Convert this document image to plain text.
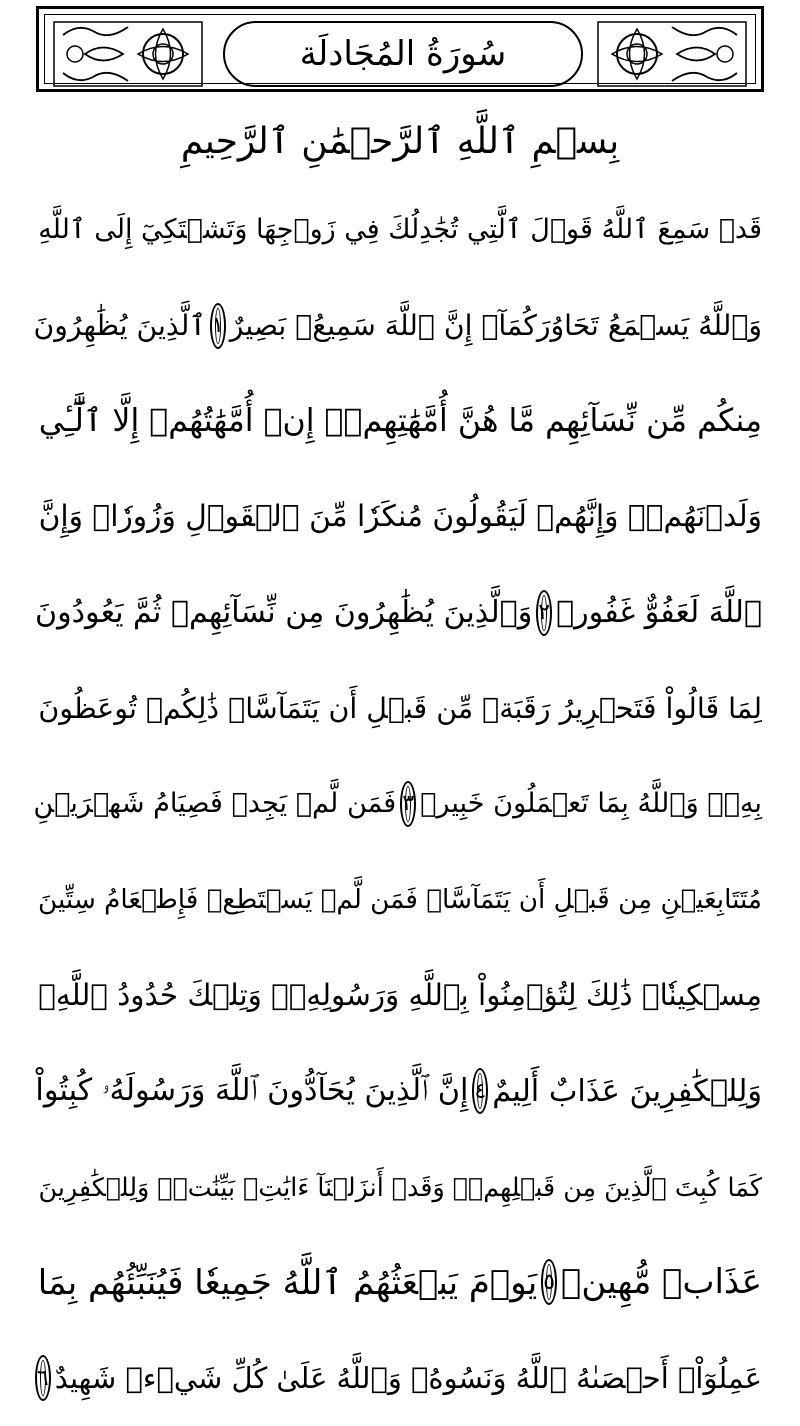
سُورَةُ المُجَادلَة
بِسۡمِ ٱللَّهِ ٱلرَّحۡمَٰنِ ٱلرَّحِيمِ
قَدۡ سَمِعَ ٱللَّهُ قَوۡلَ ٱلَّتِي تُجَٰدِلُكَ فِي زَوۡجِهَا وَتَشۡتَكِيٓ إِلَى ٱللَّهِ
وَٱللَّهُ يَسۡمَعُ تَحَاوُرَكُمَآۚ إِنَّ ٱللَّهَ سَمِيعُۢ بَصِيرٌ
١
ٱلَّذِينَ يُظَٰهِرُونَ
مِنكُم مِّن نِّسَآئِهِم مَّا هُنَّ أُمَّهَٰتِهِمۡۖ إِنۡ أُمَّهَٰتُهُمۡ إِلَّا ٱلَّٰٓـِٔي
وَلَدۡنَهُمۡۚ وَإِنَّهُمۡ لَيَقُولُونَ مُنكَرٗا مِّنَ ٱلۡقَوۡلِ وَزُورٗاۚ وَإِنَّ
ٱللَّهَ لَعَفُوٌّ غَفُورٞ
٢
وَٱلَّذِينَ يُظَٰهِرُونَ مِن نِّسَآئِهِمۡ ثُمَّ يَعُودُونَ
لِمَا قَالُواْ فَتَحۡرِيرُ رَقَبَةٖ مِّن قَبۡلِ أَن يَتَمَآسَّاۚ ذَٰلِكُمۡ تُوعَظُونَ
بِهِۦۚ وَٱللَّهُ بِمَا تَعۡمَلُونَ خَبِيرٞ
٣
فَمَن لَّمۡ يَجِدۡ فَصِيَامُ شَهۡرَيۡنِ
مُتَتَابِعَيۡنِ مِن قَبۡلِ أَن يَتَمَآسَّاۖ فَمَن لَّمۡ يَسۡتَطِعۡ فَإِطۡعَامُ سِتِّينَ
مِسۡكِينٗاۚ ذَٰلِكَ لِتُؤۡمِنُواْ بِٱللَّهِ وَرَسُولِهِۦۚ وَتِلۡكَ حُدُودُ ٱللَّهِۗ
وَلِلۡكَٰفِرِينَ عَذَابٌ أَلِيمٌ
٤
إِنَّ ٱلَّذِينَ يُحَآدُّونَ ٱللَّهَ وَرَسُولَهُۥ كُبِتُواْ
كَمَا كُبِتَ ٱلَّذِينَ مِن قَبۡلِهِمۡۚ وَقَدۡ أَنزَلۡنَآ ءَايَٰتِۭ بَيِّنَٰتٖۚ وَلِلۡكَٰفِرِينَ
عَذَابٞ مُّهِينٞ
٥
يَوۡمَ يَبۡعَثُهُمُ ٱللَّهُ جَمِيعٗا فَيُنَبِّئُهُم بِمَا
عَمِلُوٓاْۚ أَحۡصَىٰهُ ٱللَّهُ وَنَسُوهُۚ وَٱللَّهُ عَلَىٰ كُلِّ شَيۡءٖ شَهِيدٌ
٦
